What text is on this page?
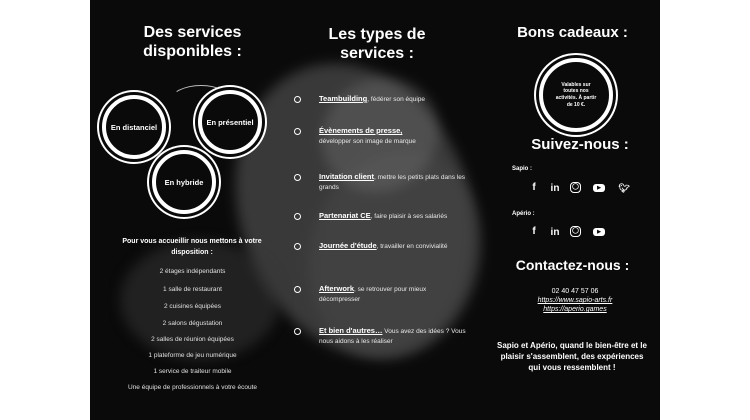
Des services disponibles :
En distanciel
En présentiel
En hybride
Pour vous accueillir nous mettons à votre disposition :
2 étages indépendants
1 salle de restaurant
2 cuisines équipées
2 salons dégustation
2 salles de réunion équipées
1 plateforme de jeu numérique
1 service de traiteur mobile
Une équipe de professionnels à votre écoute
Les types de services :
Teambuilding, fédérer son équipe
Évènements de presse,
développer son image de marque
Invitation client, mettre les petits plats dans les grands
Partenariat CE, faire plaisir à ses salariés
Journée d'étude, travailler en convivialité
Afterwork, se retrouver pour mieux décompresser
Et bien d'autres… Vous avez des idées ? Vous nous aidons à les réaliser
Bons cadeaux :
Valables sur toutes nos activités. À partir de 10 €.
Suivez-nous :
Sapio :
f	in	◯	▶	🐦︎
Apério :
f	in	◯	▶
Contactez-nous :
02 40 47 57 06
https://www.sapio-arts.fr
https://aperio.games
Sapio et Apério, quand le bien-être et le plaisir s'assemblent, des expériences qui vous ressemblent !
